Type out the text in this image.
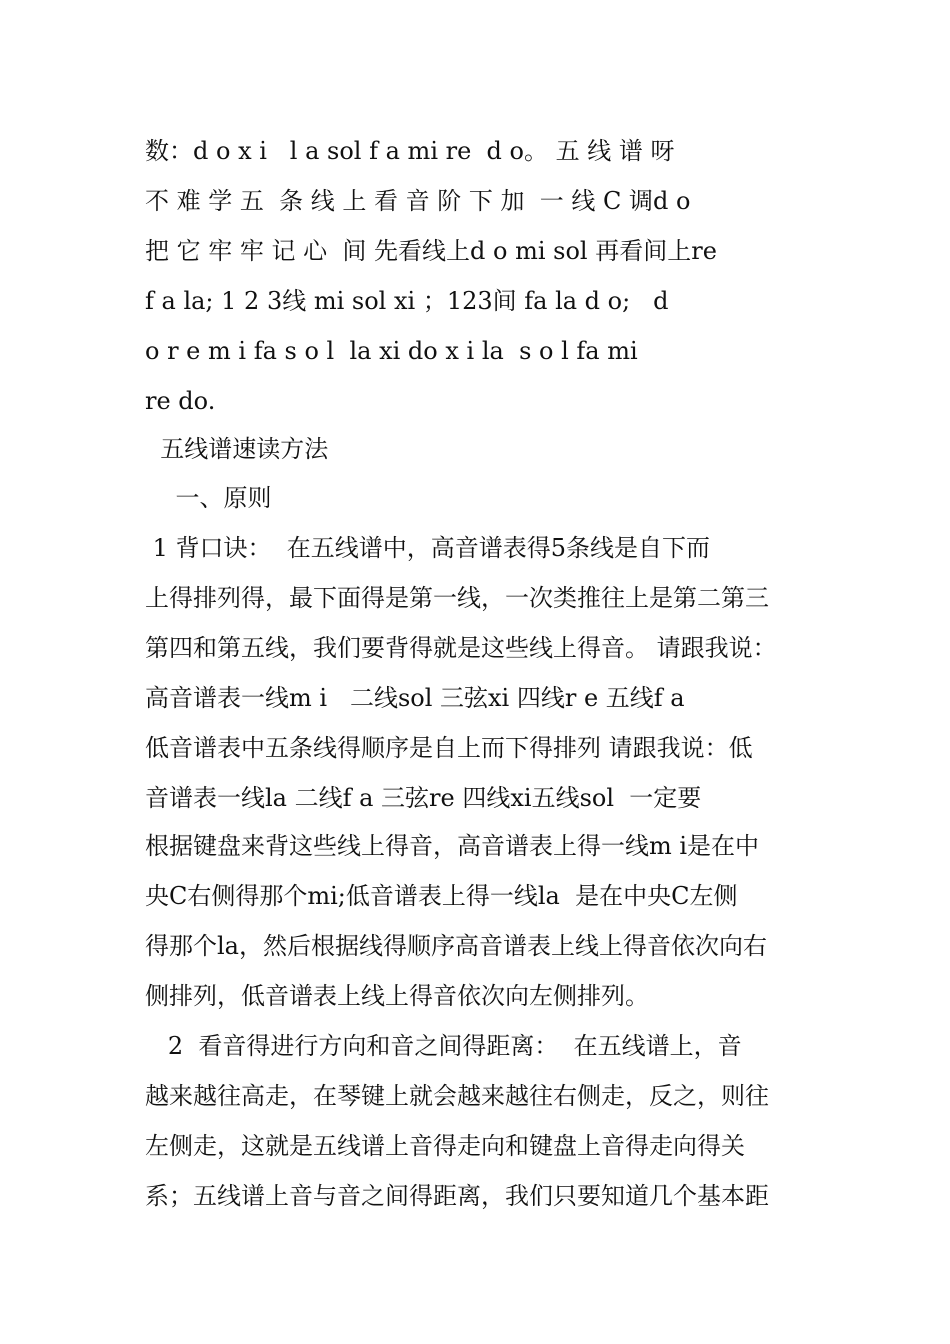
数：d o x i   l a sol f a mi re  d o。 五 线 谱 呀
不 难 学 五  条 线 上 看 音 阶 下 加  一 线 C 调d o
把 它 牢 牢 记 心  间 先看线上d o mi sol 再看间上re
f a la; 1 2 3线 mi sol xi ；123间 fa la d o;   d
o r e m i fa s o l  la xi do x i la  s o l fa mi
re do.
五线谱速读方法
一、原则
1 背口诀：  在五线谱中，高音谱表得5条线是自下而
上得排列得，最下面得是第一线，一次类推往上是第二第三
第四和第五线，我们要背得就是这些线上得音。 请跟我说：
高音谱表一线m i   二线sol 三弦xi 四线r e 五线f a
低音谱表中五条线得顺序是自上而下得排列 请跟我说：低
音谱表一线la 二线f a 三弦re 四线xi五线sol  一定要
根据键盘来背这些线上得音，高音谱表上得一线m i是在中
央C右侧得那个mi;低音谱表上得一线la  是在中央C左侧
得那个la，然后根据线得顺序高音谱表上线上得音依次向右
侧排列，低音谱表上线上得音依次向左侧排列。
2  看音得进行方向和音之间得距离：  在五线谱上，音
越来越往高走，在琴键上就会越来越往右侧走，反之，则往
左侧走，这就是五线谱上音得走向和键盘上音得走向得关
系；五线谱上音与音之间得距离，我们只要知道几个基本距
